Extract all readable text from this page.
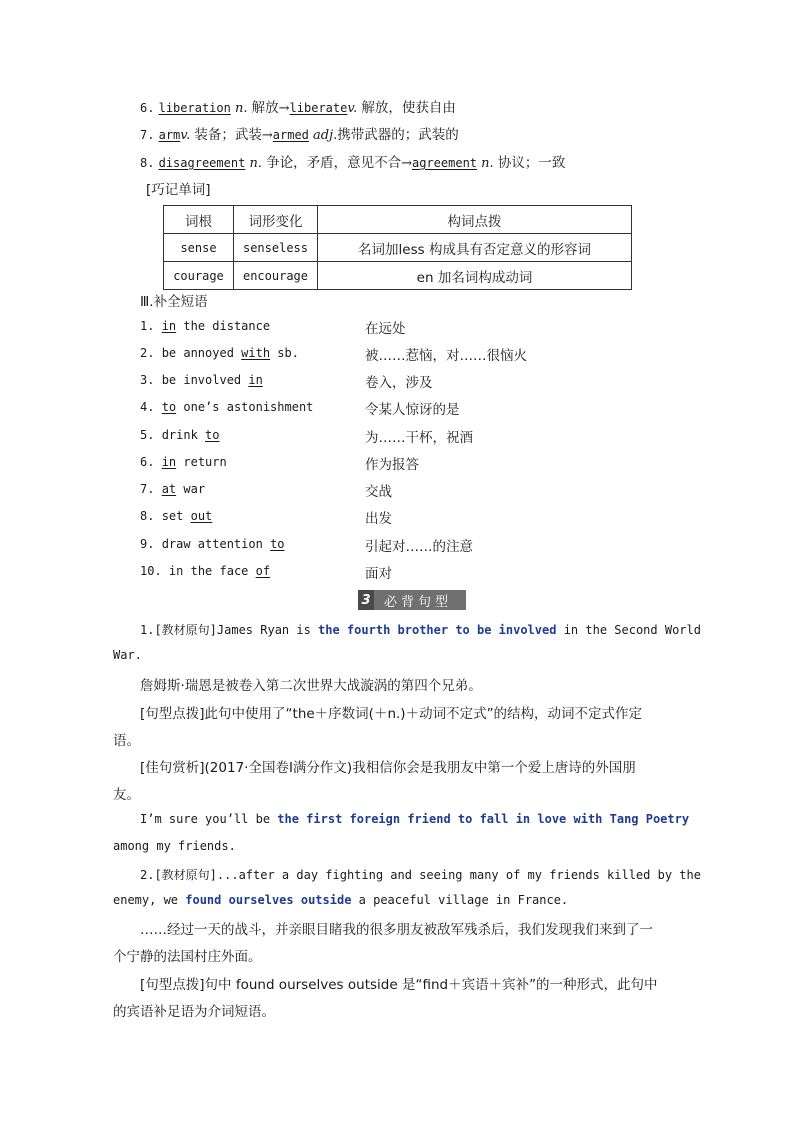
6. liberation n. 解放→liberatev. 解放，使获自由
7. armv. 装备；武装→armed adj.携带武器的；武装的
8. disagreement n. 争论，矛盾，意见不合→agreement n. 协议；一致
[巧记单词]
词根	词形变化	构词点拨
sense	senseless	名词加less 构成具有否定意义的形容词
courage	encourage	en 加名词构成动词
Ⅲ.补全短语
1. in the distance	在远处
2. be annoyed with sb.	被……惹恼，对……很恼火
3. be involved in	卷入，涉及
4. to one’s astonishment	令某人惊讶的是
5. drink to	为……干杯，祝酒
6. in return	作为报答
7. at war	交战
8. set out	出发
9. draw attention to	引起对……的注意
10. in the face of	面对
3 必背句型
1.[教材原句]James Ryan is the fourth brother to be involved in the Second World
War.
詹姆斯·瑞恩是被卷入第二次世界大战漩涡的第四个兄弟。
[句型点拨]此句中使用了“the＋序数词(＋n.)＋动词不定式”的结构，动词不定式作定
语。
[佳句赏析](2017·全国卷Ⅰ满分作文)我相信你会是我朋友中第一个爱上唐诗的外国朋
友。
I’m sure you’ll be the first foreign friend to fall in love with Tang Poetry
among my friends.
2.[教材原句]...after a day fighting and seeing many of my friends killed by the
enemy, we found ourselves outside a peaceful village in France.
……经过一天的战斗，并亲眼目睹我的很多朋友被敌军残杀后，我们发现我们来到了一
个宁静的法国村庄外面。
[句型点拨]句中 found ourselves outside 是“find＋宾语＋宾补”的一种形式，此句中
的宾语补足语为介词短语。
